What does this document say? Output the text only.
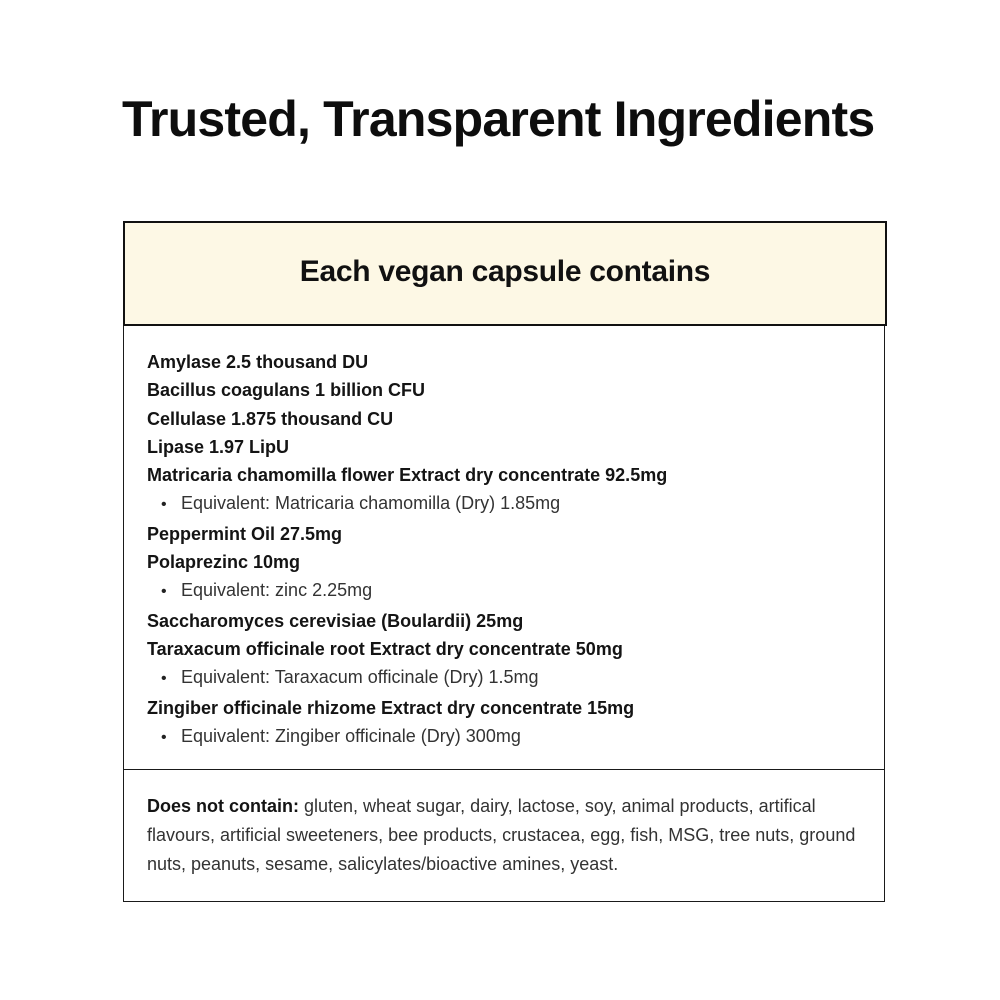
Trusted, Transparent Ingredients
Each vegan capsule contains
Amylase 2.5 thousand DU
Bacillus coagulans 1 billion CFU
Cellulase 1.875 thousand CU
Lipase 1.97 LipU
Matricaria chamomilla flower Extract dry concentrate 92.5mg
• Equivalent: Matricaria chamomilla (Dry) 1.85mg
Peppermint Oil 27.5mg
Polaprezinc 10mg
• Equivalent: zinc 2.25mg
Saccharomyces cerevisiae (Boulardii) 25mg
Taraxacum officinale root Extract dry concentrate 50mg
• Equivalent: Taraxacum officinale (Dry) 1.5mg
Zingiber officinale rhizome Extract dry concentrate 15mg
• Equivalent: Zingiber officinale (Dry) 300mg

Does not contain: gluten, wheat sugar, dairy, lactose, soy, animal products, artifical flavours, artificial sweeteners, bee products, crustacea, egg, fish, MSG, tree nuts, ground nuts, peanuts, sesame, salicylates/bioactive amines, yeast.
